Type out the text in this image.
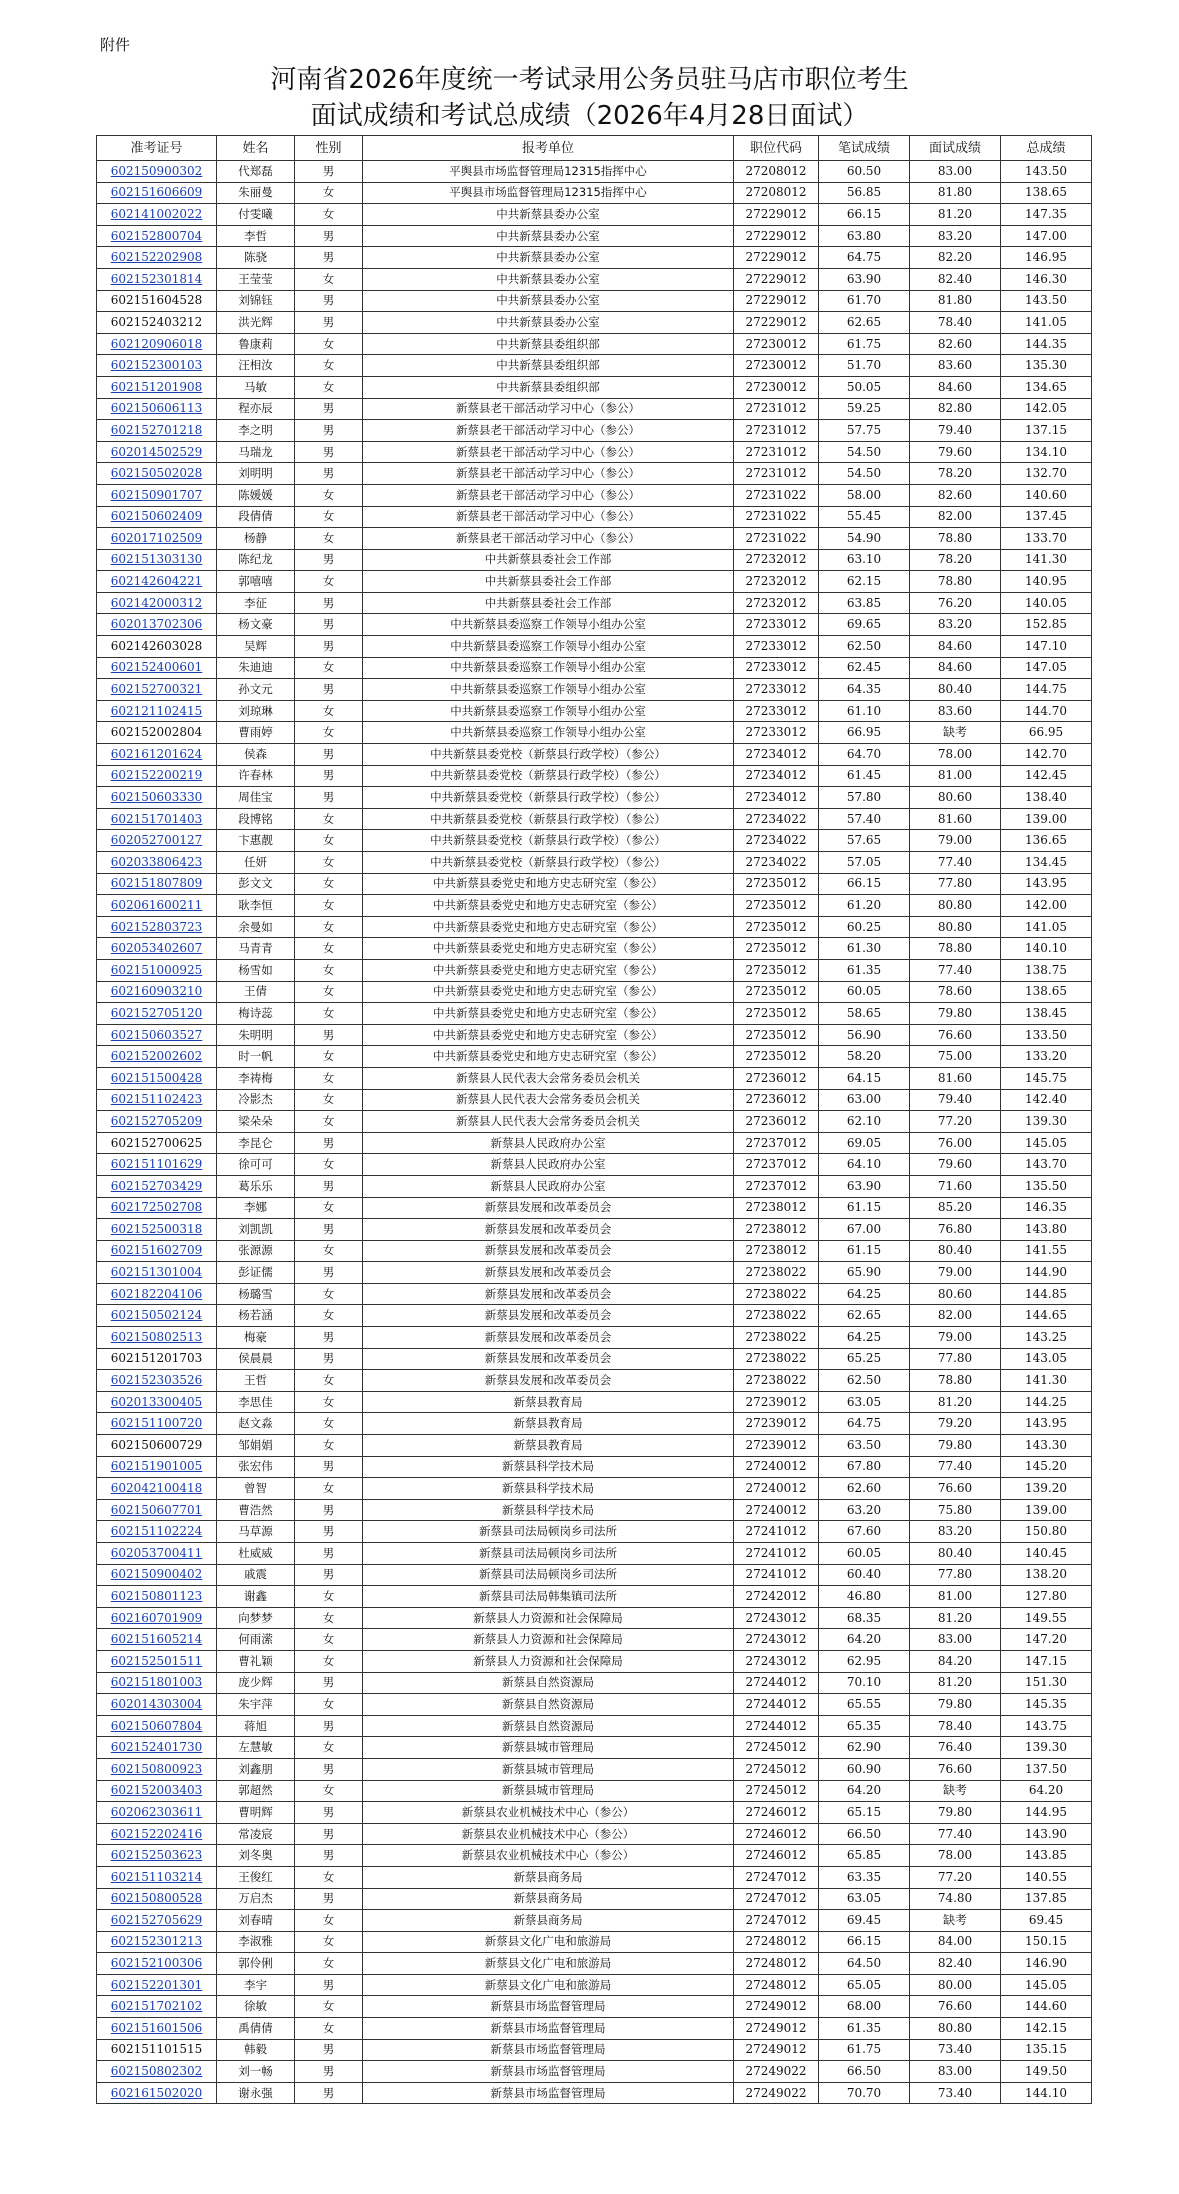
附件
河南省2026年度统一考试录用公务员驻马店市职位考生
面试成绩和考试总成绩（2026年4月28日面试）
准考证号	姓名	性别	报考单位	职位代码	笔试成绩	面试成绩	总成绩
602150900302	代郑磊	男	平舆县市场监督管理局12315指挥中心	27208012	60.50	83.00	143.50
602151606609	朱丽曼	女	平舆县市场监督管理局12315指挥中心	27208012	56.85	81.80	138.65
602141002022	付雯曦	女	中共新蔡县委办公室	27229012	66.15	81.20	147.35
602152800704	李哲	男	中共新蔡县委办公室	27229012	63.80	83.20	147.00
602152202908	陈骁	男	中共新蔡县委办公室	27229012	64.75	82.20	146.95
602152301814	王莹莹	女	中共新蔡县委办公室	27229012	63.90	82.40	146.30
602151604528	刘锦钰	男	中共新蔡县委办公室	27229012	61.70	81.80	143.50
602152403212	洪光辉	男	中共新蔡县委办公室	27229012	62.65	78.40	141.05
602120906018	鲁康莉	女	中共新蔡县委组织部	27230012	61.75	82.60	144.35
602152300103	汪相汝	女	中共新蔡县委组织部	27230012	51.70	83.60	135.30
602151201908	马敏	女	中共新蔡县委组织部	27230012	50.05	84.60	134.65
602150606113	程亦辰	男	新蔡县老干部活动学习中心（参公）	27231012	59.25	82.80	142.05
602152701218	李之明	男	新蔡县老干部活动学习中心（参公）	27231012	57.75	79.40	137.15
602014502529	马瑞龙	男	新蔡县老干部活动学习中心（参公）	27231012	54.50	79.60	134.10
602150502028	刘明明	男	新蔡县老干部活动学习中心（参公）	27231012	54.50	78.20	132.70
602150901707	陈媛媛	女	新蔡县老干部活动学习中心（参公）	27231022	58.00	82.60	140.60
602150602409	段倩倩	女	新蔡县老干部活动学习中心（参公）	27231022	55.45	82.00	137.45
602017102509	杨静	女	新蔡县老干部活动学习中心（参公）	27231022	54.90	78.80	133.70
602151303130	陈纪龙	男	中共新蔡县委社会工作部	27232012	63.10	78.20	141.30
602142604221	郭嘻嘻	女	中共新蔡县委社会工作部	27232012	62.15	78.80	140.95
602142000312	李征	男	中共新蔡县委社会工作部	27232012	63.85	76.20	140.05
602013702306	杨文豪	男	中共新蔡县委巡察工作领导小组办公室	27233012	69.65	83.20	152.85
602142603028	吴辉	男	中共新蔡县委巡察工作领导小组办公室	27233012	62.50	84.60	147.10
602152400601	朱迪迪	女	中共新蔡县委巡察工作领导小组办公室	27233012	62.45	84.60	147.05
602152700321	孙文元	男	中共新蔡县委巡察工作领导小组办公室	27233012	64.35	80.40	144.75
602121102415	刘琼琳	女	中共新蔡县委巡察工作领导小组办公室	27233012	61.10	83.60	144.70
602152002804	曹雨婷	女	中共新蔡县委巡察工作领导小组办公室	27233012	66.95	缺考	66.95
602161201624	侯森	男	中共新蔡县委党校（新蔡县行政学校）（参公）	27234012	64.70	78.00	142.70
602152200219	许春林	男	中共新蔡县委党校（新蔡县行政学校）（参公）	27234012	61.45	81.00	142.45
602150603330	周佳宝	男	中共新蔡县委党校（新蔡县行政学校）（参公）	27234012	57.80	80.60	138.40
602151701403	段博铭	女	中共新蔡县委党校（新蔡县行政学校）（参公）	27234022	57.40	81.60	139.00
602052700127	卞惠靓	女	中共新蔡县委党校（新蔡县行政学校）（参公）	27234022	57.65	79.00	136.65
602033806423	任妍	女	中共新蔡县委党校（新蔡县行政学校）（参公）	27234022	57.05	77.40	134.45
602151807809	彭文文	女	中共新蔡县委党史和地方史志研究室（参公）	27235012	66.15	77.80	143.95
602061600211	耿李恒	女	中共新蔡县委党史和地方史志研究室（参公）	27235012	61.20	80.80	142.00
602152803723	余曼如	女	中共新蔡县委党史和地方史志研究室（参公）	27235012	60.25	80.80	141.05
602053402607	马青青	女	中共新蔡县委党史和地方史志研究室（参公）	27235012	61.30	78.80	140.10
602151000925	杨雪如	女	中共新蔡县委党史和地方史志研究室（参公）	27235012	61.35	77.40	138.75
602160903210	王倩	女	中共新蔡县委党史和地方史志研究室（参公）	27235012	60.05	78.60	138.65
602152705120	梅诗蕊	女	中共新蔡县委党史和地方史志研究室（参公）	27235012	58.65	79.80	138.45
602150603527	朱明明	男	中共新蔡县委党史和地方史志研究室（参公）	27235012	56.90	76.60	133.50
602152002602	时一帆	女	中共新蔡县委党史和地方史志研究室（参公）	27235012	58.20	75.00	133.20
602151500428	李祷梅	女	新蔡县人民代表大会常务委员会机关	27236012	64.15	81.60	145.75
602151102423	冷影杰	女	新蔡县人民代表大会常务委员会机关	27236012	63.00	79.40	142.40
602152705209	梁朵朵	女	新蔡县人民代表大会常务委员会机关	27236012	62.10	77.20	139.30
602152700625	李昆仑	男	新蔡县人民政府办公室	27237012	69.05	76.00	145.05
602151101629	徐可可	女	新蔡县人民政府办公室	27237012	64.10	79.60	143.70
602152703429	葛乐乐	男	新蔡县人民政府办公室	27237012	63.90	71.60	135.50
602172502708	李娜	女	新蔡县发展和改革委员会	27238012	61.15	85.20	146.35
602152500318	刘凯凯	男	新蔡县发展和改革委员会	27238012	67.00	76.80	143.80
602151602709	张源源	女	新蔡县发展和改革委员会	27238012	61.15	80.40	141.55
602151301004	彭证儒	男	新蔡县发展和改革委员会	27238022	65.90	79.00	144.90
602182204106	杨璐雪	女	新蔡县发展和改革委员会	27238022	64.25	80.60	144.85
602150502124	杨若涵	女	新蔡县发展和改革委员会	27238022	62.65	82.00	144.65
602150802513	梅豪	男	新蔡县发展和改革委员会	27238022	64.25	79.00	143.25
602151201703	侯晨晨	男	新蔡县发展和改革委员会	27238022	65.25	77.80	143.05
602152303526	王哲	女	新蔡县发展和改革委员会	27238022	62.50	78.80	141.30
602013300405	李思佳	女	新蔡县教育局	27239012	63.05	81.20	144.25
602151100720	赵文淼	女	新蔡县教育局	27239012	64.75	79.20	143.95
602150600729	邹娟娟	女	新蔡县教育局	27239012	63.50	79.80	143.30
602151901005	张宏伟	男	新蔡县科学技术局	27240012	67.80	77.40	145.20
602042100418	曾智	女	新蔡县科学技术局	27240012	62.60	76.60	139.20
602150607701	曹浩然	男	新蔡县科学技术局	27240012	63.20	75.80	139.00
602151102224	马草源	男	新蔡县司法局顿岗乡司法所	27241012	67.60	83.20	150.80
602053700411	杜威威	男	新蔡县司法局顿岗乡司法所	27241012	60.05	80.40	140.45
602150900402	戚震	男	新蔡县司法局顿岗乡司法所	27241012	60.40	77.80	138.20
602150801123	谢鑫	女	新蔡县司法局韩集镇司法所	27242012	46.80	81.00	127.80
602160701909	向梦梦	女	新蔡县人力资源和社会保障局	27243012	68.35	81.20	149.55
602151605214	何雨潆	女	新蔡县人力资源和社会保障局	27243012	64.20	83.00	147.20
602152501511	曹礼颖	女	新蔡县人力资源和社会保障局	27243012	62.95	84.20	147.15
602151801003	庞少辉	男	新蔡县自然资源局	27244012	70.10	81.20	151.30
602014303004	朱宇萍	女	新蔡县自然资源局	27244012	65.55	79.80	145.35
602150607804	蒋旭	男	新蔡县自然资源局	27244012	65.35	78.40	143.75
602152401730	左慧敏	女	新蔡县城市管理局	27245012	62.90	76.40	139.30
602150800923	刘鑫朋	男	新蔡县城市管理局	27245012	60.90	76.60	137.50
602152003403	郭超然	女	新蔡县城市管理局	27245012	64.20	缺考	64.20
602062303611	曹明辉	男	新蔡县农业机械技术中心（参公）	27246012	65.15	79.80	144.95
602152202416	常凌宸	男	新蔡县农业机械技术中心（参公）	27246012	66.50	77.40	143.90
602152503623	刘冬奥	男	新蔡县农业机械技术中心（参公）	27246012	65.85	78.00	143.85
602151103214	王俊红	女	新蔡县商务局	27247012	63.35	77.20	140.55
602150800528	万启杰	男	新蔡县商务局	27247012	63.05	74.80	137.85
602152705629	刘春晴	女	新蔡县商务局	27247012	69.45	缺考	69.45
602152301213	李淑雅	女	新蔡县文化广电和旅游局	27248012	66.15	84.00	150.15
602152100306	郭伶俐	女	新蔡县文化广电和旅游局	27248012	64.50	82.40	146.90
602152201301	李宇	男	新蔡县文化广电和旅游局	27248012	65.05	80.00	145.05
602151702102	徐敏	女	新蔡县市场监督管理局	27249012	68.00	76.60	144.60
602151601506	禹倩倩	女	新蔡县市场监督管理局	27249012	61.35	80.80	142.15
602151101515	韩毅	男	新蔡县市场监督管理局	27249012	61.75	73.40	135.15
602150802302	刘一畅	男	新蔡县市场监督管理局	27249022	66.50	83.00	149.50
602161502020	谢永强	男	新蔡县市场监督管理局	27249022	70.70	73.40	144.10
